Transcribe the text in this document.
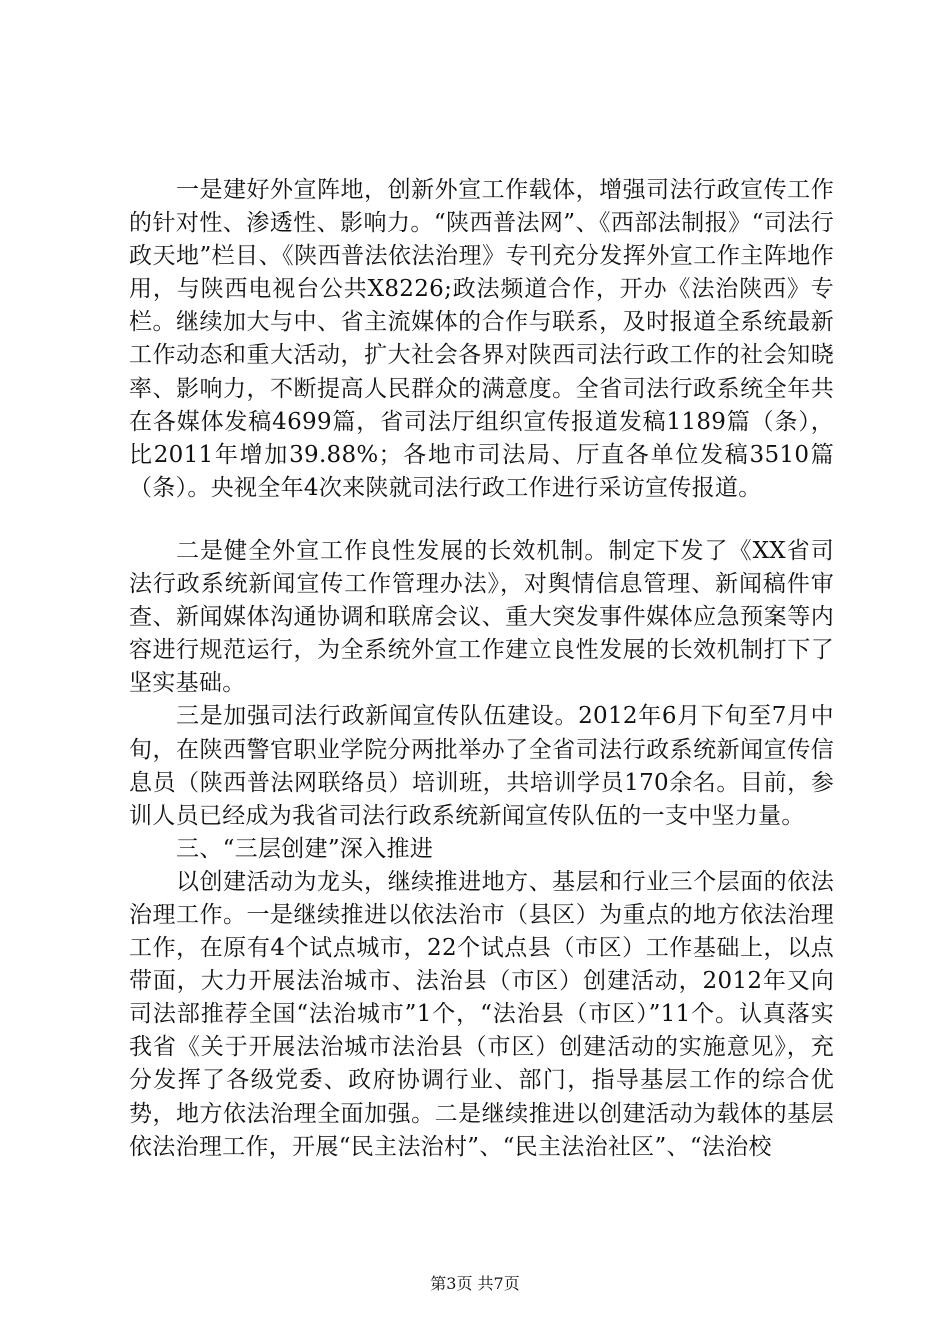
一是建好外宣阵地，创新外宣工作载体，增强司法行政宣传工作的针对性、渗透性、影响力。“陕西普法网”、《西部法制报》“司法行政天地”栏目、《陕西普法依法治理》专刊充分发挥外宣工作主阵地作用，与陕西电视台公共X8226;政法频道合作，开办《法治陕西》专栏。继续加大与中、省主流媒体的合作与联系，及时报道全系统最新工作动态和重大活动，扩大社会各界对陕西司法行政工作的社会知晓率、影响力，不断提高人民群众的满意度。全省司法行政系统全年共在各媒体发稿4699篇，省司法厅组织宣传报道发稿1189篇（条），比2011年增加39.88%；各地市司法局、厅直各单位发稿3510篇（条）。央视全年4次来陕就司法行政工作进行采访宣传报道。

二是健全外宣工作良性发展的长效机制。制定下发了《XX省司法行政系统新闻宣传工作管理办法》，对舆情信息管理、新闻稿件审查、新闻媒体沟通协调和联席会议、重大突发事件媒体应急预案等内容进行规范运行，为全系统外宣工作建立良性发展的长效机制打下了坚实基础。

三是加强司法行政新闻宣传队伍建设。2012年6月下旬至7月中旬，在陕西警官职业学院分两批举办了全省司法行政系统新闻宣传信息员（陕西普法网联络员）培训班，共培训学员170余名。目前，参训人员已经成为我省司法行政系统新闻宣传队伍的一支中坚力量。

三、“三层创建”深入推进

以创建活动为龙头，继续推进地方、基层和行业三个层面的依法治理工作。一是继续推进以依法治市（县区）为重点的地方依法治理工作，在原有4个试点城市，22个试点县（市区）工作基础上，以点带面，大力开展法治城市、法治县（市区）创建活动，2012年又向司法部推荐全国“法治城市”1个，“法治县（市区）”11个。认真落实我省《关于开展法治城市法治县（市区）创建活动的实施意见》，充分发挥了各级党委、政府协调行业、部门，指导基层工作的综合优势，地方依法治理全面加强。二是继续推进以创建活动为载体的基层依法治理工作，开展“民主法治村”、“民主法治社区”、“法治校

第3页 共7页
